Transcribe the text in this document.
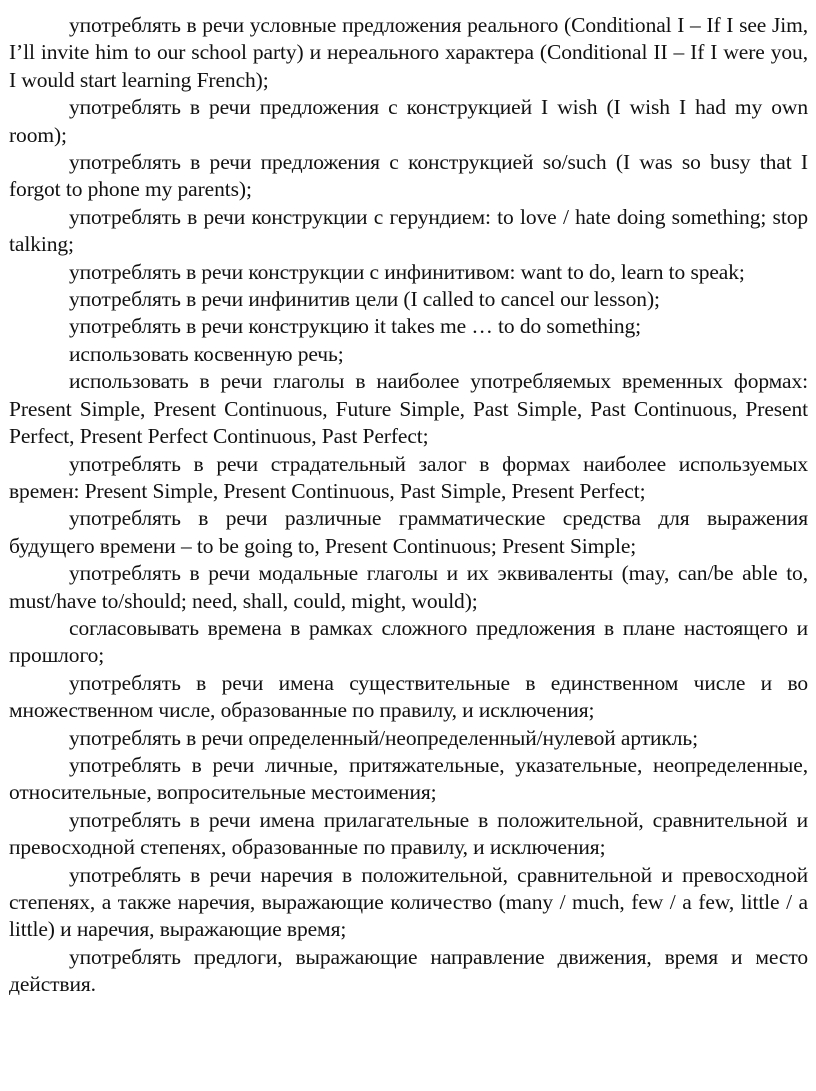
употреблять в речи условные предложения реального (Conditional I – If I see Jim, I’ll invite him to our school party) и нереального характера (Conditional II – If I were you, I would start learning French);

употреблять в речи предложения с конструкцией I wish (I wish I had my own room);

употреблять в речи предложения с конструкцией so/such (I was so busy that I forgot to phone my parents);

употреблять в речи конструкции с герундием: to love / hate doing something; stop talking;

употреблять в речи конструкции с инфинитивом: want to do, learn to speak;

употреблять в речи инфинитив цели (I called to cancel our lesson);

употреблять в речи конструкцию it takes me … to do something;

использовать косвенную речь;

использовать в речи глаголы в наиболее употребляемых временных формах: Present Simple, Present Continuous, Future Simple, Past Simple, Past Continuous, Present Perfect, Present Perfect Continuous, Past Perfect;

употреблять в речи страдательный залог в формах наиболее используемых времен: Present Simple, Present Continuous, Past Simple, Present Perfect;

употреблять в речи различные грамматические средства для выражения будущего времени – to be going to, Present Continuous; Present Simple;

употреблять в речи модальные глаголы и их эквиваленты (may, can/be able to, must/have to/should; need, shall, could, might, would);

согласовывать времена в рамках сложного предложения в плане настоящего и прошлого;

употреблять в речи имена существительные в единственном числе и во множественном числе, образованные по правилу, и исключения;

употреблять в речи определенный/неопределенный/нулевой артикль;

употреблять в речи личные, притяжательные, указательные, неопределенные, относительные, вопросительные местоимения;

употреблять в речи имена прилагательные в положительной, сравнительной и превосходной степенях, образованные по правилу, и исключения;

употреблять в речи наречия в положительной, сравнительной и превосходной степенях, а также наречия, выражающие количество (many / much, few / a few, little / a little) и наречия, выражающие время;

употреблять предлоги, выражающие направление движения, время и место действия.
